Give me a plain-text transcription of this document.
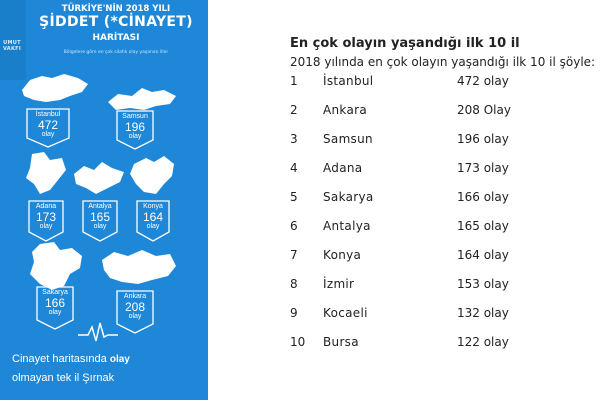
UMUT VAKFI
TÜRKİYE'NİN 2018 YILI
ŞİDDET (*CİNAYET)
HARİTASI
Bölgelere göre en çok silahlı olay yaşanan iller
İstanbul
472
olay
Samsun
196
olay
Adana
173
olay
Antalya
165
olay
Konya
164
olay
Sakarya
166
olay
Ankara
208
olay
Cinayet haritasında olay
olmayan tek il Şırnak
En çok olayın yaşandığı ilk 10 il
2018 yılında en çok olayın yaşandığı ilk 10 il şöyle:
1 İstanbul	472 olay
2 Ankara	208 Olay
3 Samsun	196 olay
4 Adana	173 olay
5 Sakarya	166 olay
6 Antalya	165 olay
7 Konya	164 olay
8 İzmir	153 olay
9 Kocaeli	132 olay
10 Bursa	122 olay
